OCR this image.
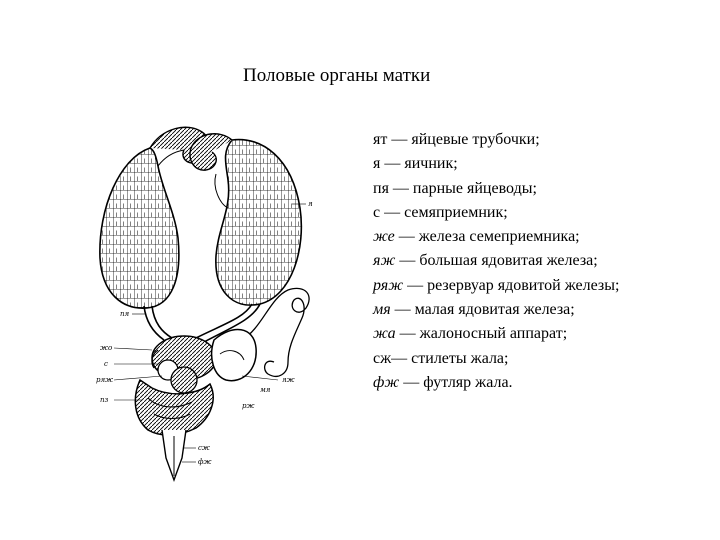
Половые органы матки
я
пя
жо
с
ряж
пз
яж
мя
рж
сж
фж
ят — яйцевые трубочки;
я — яичник;
пя — парные яйцеводы;
с — семяприемник;
же — железа семеприемника;
яж — большая ядовитая железа;
ряж — резервуар ядовитой железы;
мя — малая ядовитая железа;
жа — жалоносный аппарат;
сж— стилеты жала;
фж — футляр жала.
